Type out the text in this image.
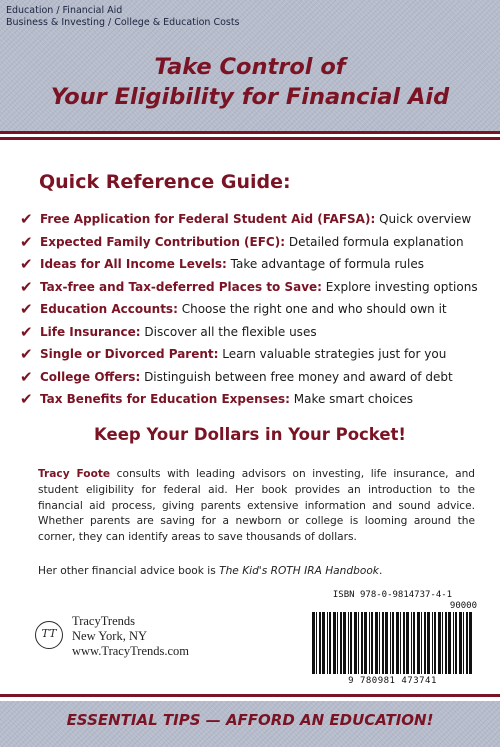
Education / Financial Aid
Business & Investing / College & Education Costs
Take Control of
Your Eligibility for Financial Aid
Quick Reference Guide:
✔ Free Application for Federal Student Aid (FAFSA): Quick overview
✔ Expected Family Contribution (EFC): Detailed formula explanation
✔ Ideas for All Income Levels: Take advantage of formula rules
✔ Tax-free and Tax-deferred Places to Save: Explore investing options
✔ Education Accounts: Choose the right one and who should own it
✔ Life Insurance: Discover all the flexible uses
✔ Single or Divorced Parent: Learn valuable strategies just for you
✔ College Offers: Distinguish between free money and award of debt
✔ Tax Benefits for Education Expenses: Make smart choices
Keep Your Dollars in Your Pocket!

Tracy Foote consults with leading advisors on investing, life insurance, and student eligibility for federal aid. Her book provides an introduction to the financial aid process, giving parents extensive information and sound advice. Whether parents are saving for a newborn or college is looming around the corner, they can identify areas to save thousands of dollars.

Her other financial advice book is The Kid's ROTH IRA Handbook.

TT
TracyTrends
New York, NY
www.TracyTrends.com
ISBN 978-0-9814737-4-1
90000
9 780981 473741
ESSENTIAL TIPS — AFFORD AN EDUCATION!
